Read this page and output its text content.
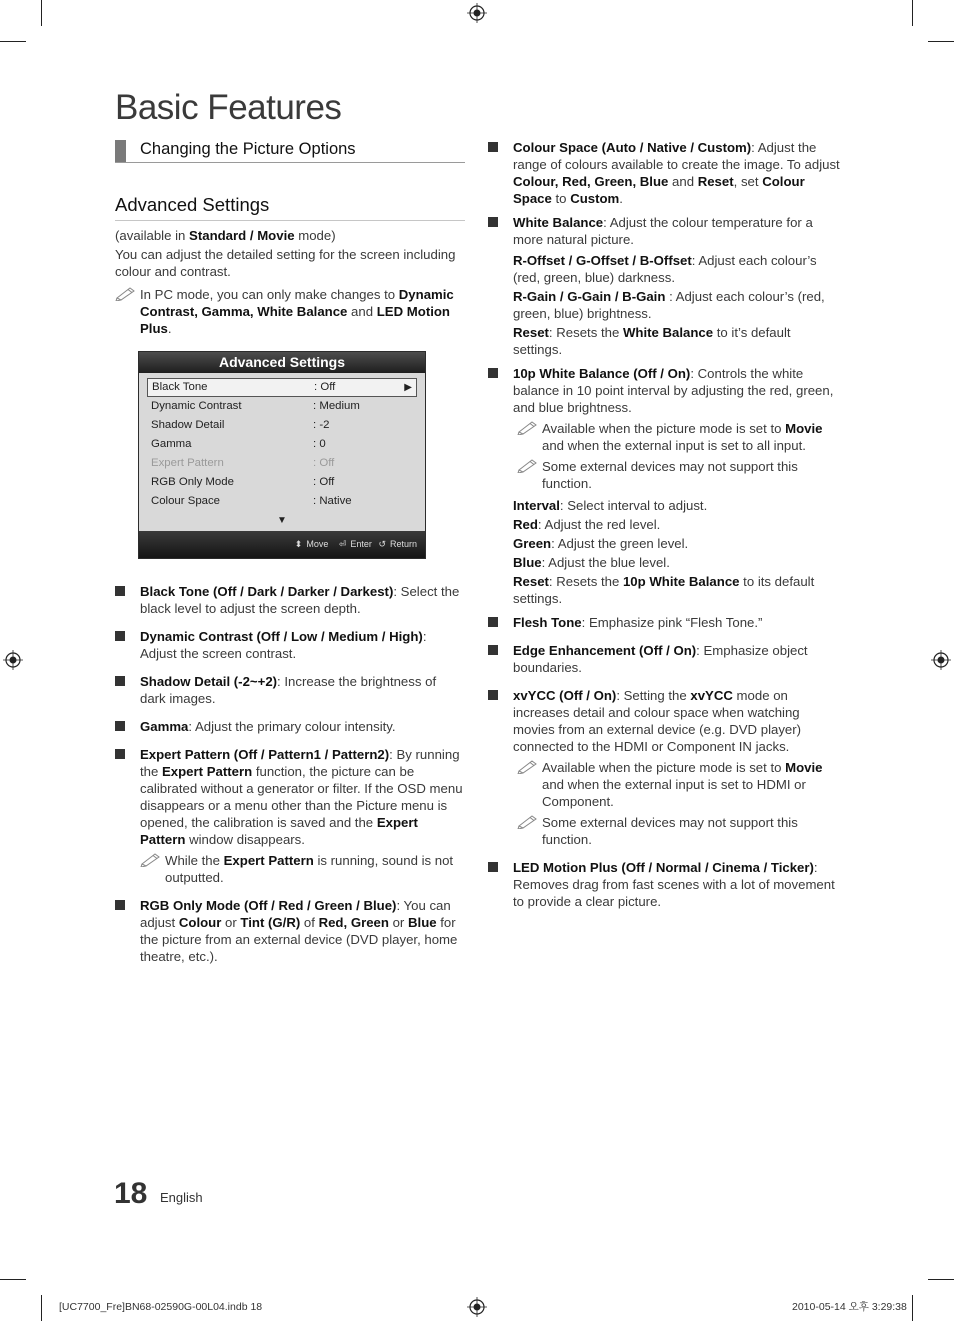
Basic Features
Changing the Picture Options
Advanced Settings
(available in Standard / Movie mode)
You can adjust the detailed setting for the screen including colour and contrast.
In PC mode, you can only make changes to Dynamic Contrast, Gamma, White Balance and LED Motion Plus.
Advanced Settings
Black Tone	: Off	▶
Dynamic Contrast	: Medium
Shadow Detail	: -2
Gamma	: 0
Expert Pattern	: Off
RGB Only Mode	: Off
Colour Space	: Native
▼
⬍ Move ⏎ Enter ↺ Return
Black Tone (Off / Dark / Darker / Darkest): Select the black level to adjust the screen depth.
Dynamic Contrast (Off / Low / Medium / High): Adjust the screen contrast.
Shadow Detail (-2~+2): Increase the brightness of dark images.
Gamma: Adjust the primary colour intensity.
Expert Pattern (Off / Pattern1 / Pattern2): By running the Expert Pattern function, the picture can be calibrated without a generator or filter. If the OSD menu disappears or a menu other than the Picture menu is opened, the calibration is saved and the Expert Pattern window disappears.
While the Expert Pattern is running, sound is not outputted.
RGB Only Mode (Off / Red / Green / Blue): You can adjust Colour or Tint (G/R) of Red, Green or Blue for the picture from an external device (DVD player, home theatre, etc.).
Colour Space (Auto / Native / Custom): Adjust the range of colours available to create the image. To adjust Colour, Red, Green, Blue and Reset, set Colour Space to Custom.
White Balance: Adjust the colour temperature for a more natural picture.
R-Offset / G-Offset / B-Offset: Adjust each colour’s (red, green, blue) darkness.
R-Gain / G-Gain / B-Gain : Adjust each colour’s (red, green, blue) brightness.
Reset: Resets the White Balance to it’s default settings.
10p White Balance (Off / On): Controls the white balance in 10 point interval by adjusting the red, green, and blue brightness.
Available when the picture mode is set to Movie and when the external input is set to all input.
Some external devices may not support this function.
Interval: Select interval to adjust.
Red: Adjust the red level.
Green: Adjust the green level.
Blue: Adjust the blue level.
Reset: Resets the 10p White Balance to its default settings.
Flesh Tone: Emphasize pink “Flesh Tone.”
Edge Enhancement (Off / On): Emphasize object boundaries.
xvYCC (Off / On): Setting the xvYCC mode on increases detail and colour space when watching movies from an external device (e.g. DVD player) connected to the HDMI or Component IN jacks.
Available when the picture mode is set to Movie and when the external input is set to HDMI or Component.
Some external devices may not support this function.
LED Motion Plus (Off / Normal / Cinema / Ticker): Removes drag from fast scenes with a lot of movement to provide a clear picture.
18 English
[UC7700_Fre]BN68-02590G-00L04.indb 18	2010-05-14 오후 3:29:38
